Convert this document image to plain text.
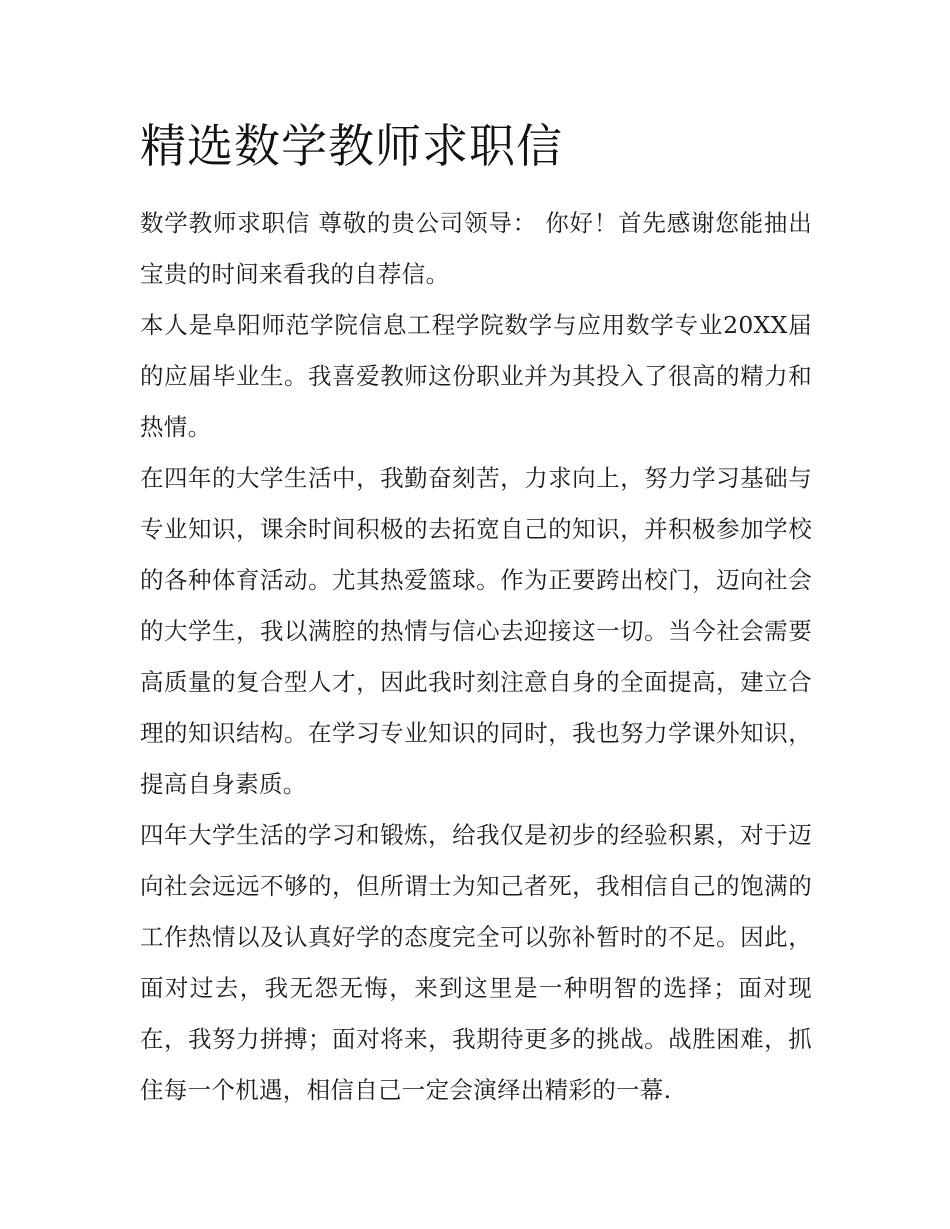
精选数学教师求职信

数学教师求职信 尊敬的贵公司领导： 你好！首先感谢您能抽出宝贵的时间来看我的自荐信。

本人是阜阳师范学院信息工程学院数学与应用数学专业20XX届的应届毕业生。我喜爱教师这份职业并为其投入了很高的精力和热情。

在四年的大学生活中，我勤奋刻苦，力求向上，努力学习基础与专业知识，课余时间积极的去拓宽自己的知识，并积极参加学校的各种体育活动。尤其热爱篮球。作为正要跨出校门，迈向社会的大学生，我以满腔的热情与信心去迎接这一切。当今社会需要高质量的复合型人才，因此我时刻注意自身的全面提高，建立合理的知识结构。在学习专业知识的同时，我也努力学课外知识，提高自身素质。

四年大学生活的学习和锻炼，给我仅是初步的经验积累，对于迈向社会远远不够的，但所谓士为知己者死，我相信自己的饱满的工作热情以及认真好学的态度完全可以弥补暂时的不足。因此，面对过去，我无怨无悔，来到这里是一种明智的选择；面对现在，我努力拼搏；面对将来，我期待更多的挑战。战胜困难，抓住每一个机遇，相信自己一定会演绎出精彩的一幕.
